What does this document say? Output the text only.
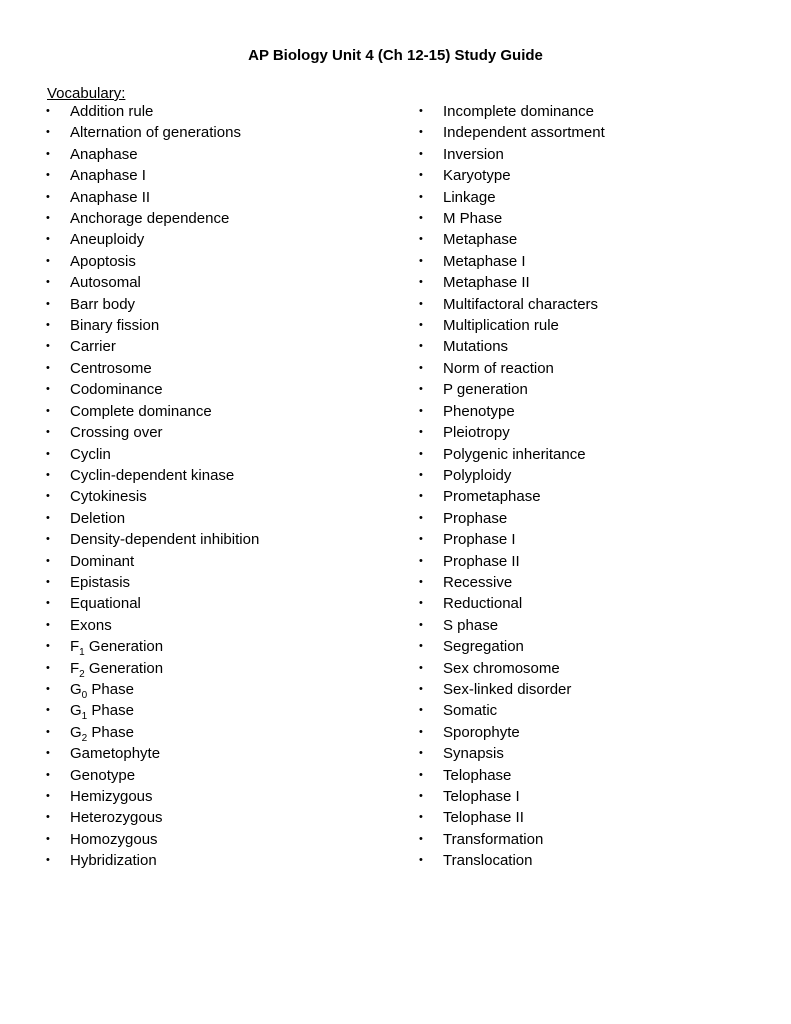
AP Biology Unit 4 (Ch 12-15) Study Guide
Vocabulary:
•	Addition rule
•	Alternation of generations
•	Anaphase
•	Anaphase I
•	Anaphase II
•	Anchorage dependence
•	Aneuploidy
•	Apoptosis
•	Autosomal
•	Barr body
•	Binary fission
•	Carrier
•	Centrosome
•	Codominance
•	Complete dominance
•	Crossing over
•	Cyclin
•	Cyclin-dependent kinase
•	Cytokinesis
•	Deletion
•	Density-dependent inhibition
•	Dominant
•	Epistasis
•	Equational
•	Exons
•	$F_1$ Generation
•	$F_2$ Generation
•	$G_0$ Phase
•	$G_1$ Phase
•	$G_2$ Phase
•	Gametophyte
•	Genotype
•	Hemizygous
•	Heterozygous
•	Homozygous
•	Hybridization
•	Incomplete dominance
•	Independent assortment
•	Inversion
•	Karyotype
•	Linkage
•	M Phase
•	Metaphase
•	Metaphase I
•	Metaphase II
•	Multifactoral characters
•	Multiplication rule
•	Mutations
•	Norm of reaction
•	P generation
•	Phenotype
•	Pleiotropy
•	Polygenic inheritance
•	Polyploidy
•	Prometaphase
•	Prophase
•	Prophase I
•	Prophase II
•	Recessive
•	Reductional
•	S phase
•	Segregation
•	Sex chromosome
•	Sex-linked disorder
•	Somatic
•	Sporophyte
•	Synapsis
•	Telophase
•	Telophase I
•	Telophase II
•	Transformation
•	Translocation
